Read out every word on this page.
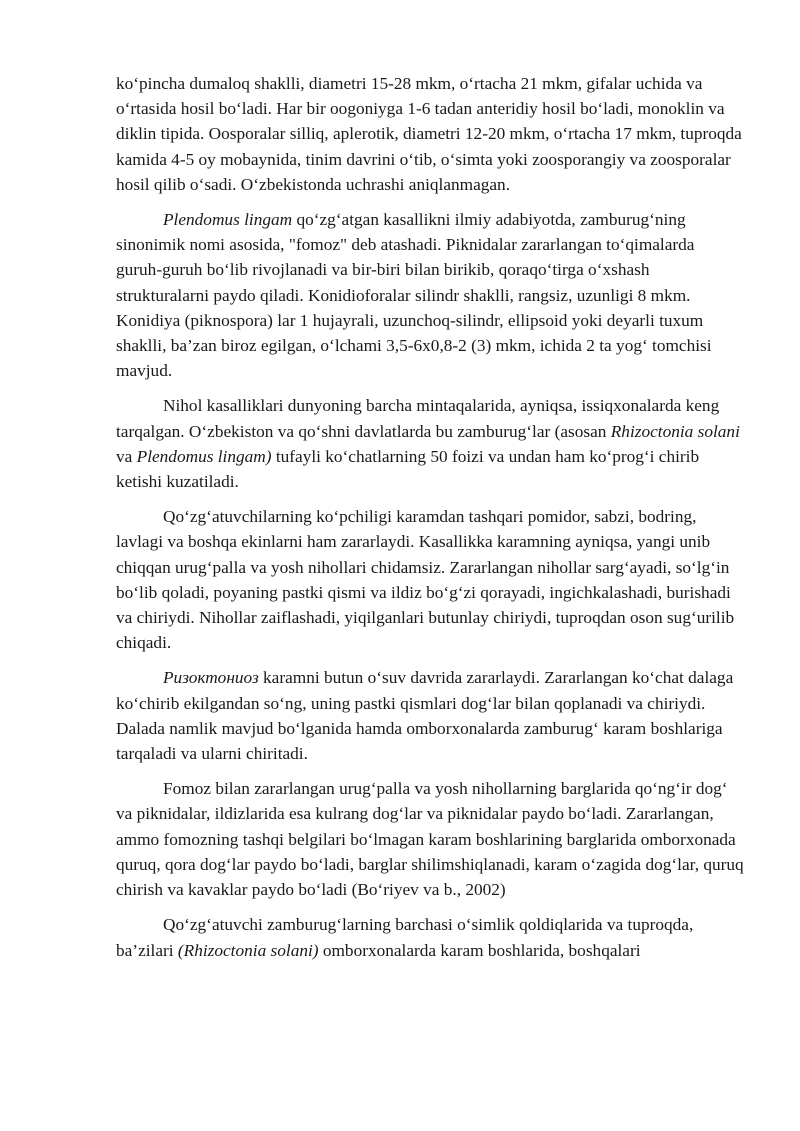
ko‘pincha dumaloq shaklli, diametri 15-28 mkm, o‘rtacha 21 mkm, gifalar uchida va o‘rtasida hosil bo‘ladi. Har bir oogoniyga 1-6 tadan anteridiy hosil bo‘ladi, monoklin va diklin tipida. Oosporalar silliq, aplerotik, diametri 12-20 mkm, o‘rtacha 17 mkm, tuproqda kamida 4-5 oy mobaynida, tinim davrini o‘tib, o‘simta yoki zoosporangiy va zoosporalar hosil qilib o‘sadi. O‘zbekistonda uchrashi aniqlanmagan.

Plendomus lingam qo‘zg‘atgan kasallikni ilmiy adabiyotda, zamburug‘ning sinonimik nomi asosida, "fomoz" deb atashadi. Piknidalar zararlangan to‘qimalarda guruh-guruh bo‘lib rivojlanadi va bir-biri bilan birikib, qoraqo‘tirga o‘xshash strukturalarni paydo qiladi. Konidioforalar silindr shaklli, rangsiz, uzunligi 8 mkm. Konidiya (piknospora) lar 1 hujayrali, uzunchoq-silindr, ellipsoid yoki deyarli tuxum shaklli, ba’zan biroz egilgan, o‘lchami 3,5-6x0,8-2 (3) mkm, ichida 2 ta yog‘ tomchisi mavjud.

Nihol kasalliklari dunyoning barcha mintaqalarida, ayniqsa, issiqxonalarda keng tarqalgan. O‘zbekiston va qo‘shni davlatlarda bu zamburug‘lar (asosan Rhizoctonia solani va Plendomus lingam) tufayli ko‘chatlarning 50 foizi va undan ham ko‘prog‘i chirib ketishi kuzatiladi.

Qo‘zg‘atuvchilarning ko‘pchiligi karamdan tashqari pomidor, sabzi, bodring, lavlagi va boshqa ekinlarni ham zararlaydi. Kasallikka karamning ayniqsa, yangi unib chiqqan urug‘palla va yosh nihollari chidamsiz. Zararlangan nihollar sarg‘ayadi, so‘lg‘in bo‘lib qoladi, poyaning pastki qismi va ildiz bo‘g‘zi qorayadi, ingichkalashadi, burishadi va chiriydi. Nihollar zaiflashadi, yiqilganlari butunlay chiriydi, tuproqdan oson sug‘urilib chiqadi.

Ризоктониоз karamni butun o‘suv davrida zararlaydi. Zararlangan ko‘chat dalaga ko‘chirib ekilgandan so‘ng, uning pastki qismlari dog‘lar bilan qoplanadi va chiriydi. Dalada namlik mavjud bo‘lganida hamda omborxonalarda zamburug‘ karam boshlariga tarqaladi va ularni chiritadi.

Fomoz bilan zararlangan urug‘palla va yosh nihollarning barglarida qo‘ng‘ir dog‘ va piknidalar, ildizlarida esa kulrang dog‘lar va piknidalar paydo bo‘ladi. Zararlangan, ammo fomozning tashqi belgilari bo‘lmagan karam boshlarining barglarida omborxonada quruq, qora dog‘lar paydo bo‘ladi, barglar shilimshiqlanadi, karam o‘zagida dog‘lar, quruq chirish va kavaklar paydo bo‘ladi (Bo‘riyev va b., 2002)

Qo‘zg‘atuvchi zamburug‘larning barchasi o‘simlik qoldiqlarida va tuproqda, ba’zilari (Rhizoctonia solani) omborxonalarda karam boshlarida, boshqalari
